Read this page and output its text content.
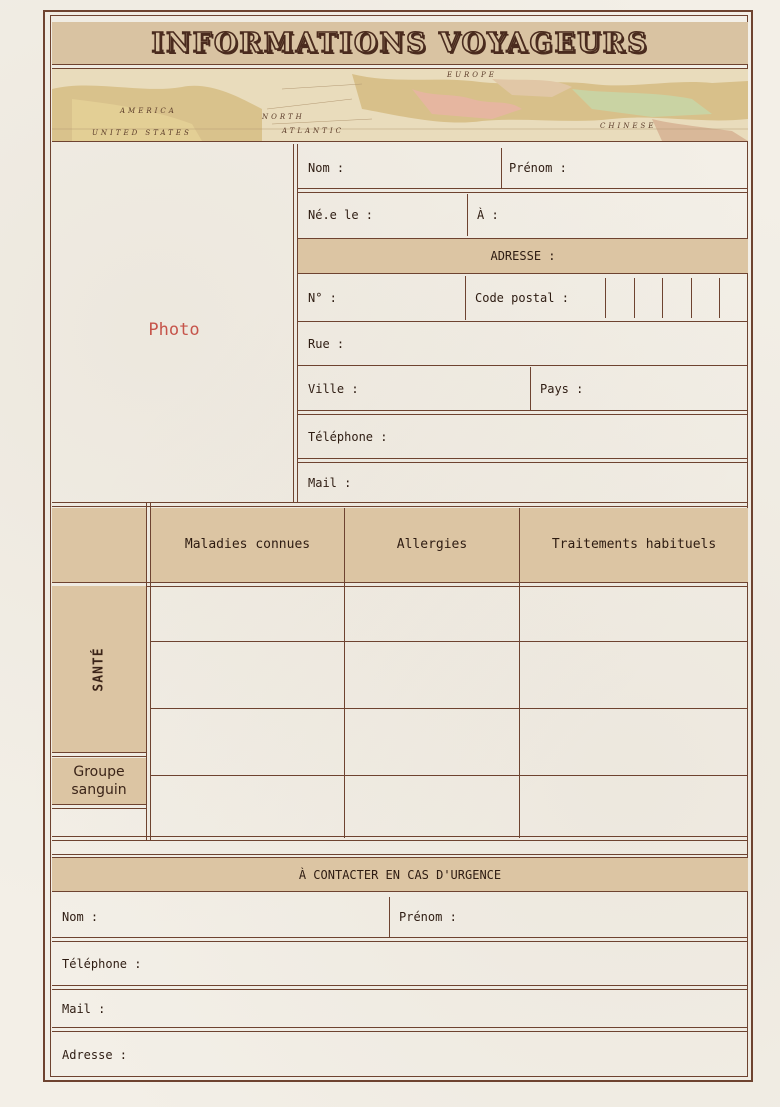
INFORMATIONS VOYAGEURS
EUROPE
AMERICA
NORTH
UNITED STATES	ATLANTIC
CHINESE
Photo
Nom :	Prénom :
Né.e le :	À :
ADRESSE :
N° :	Code postal :
Rue :
Ville :	Pays :
Téléphone :
Mail :
Maladies connues	Allergies	Traitements habituels
SANTÉ
Groupe sanguin
À CONTACTER EN CAS D'URGENCE
Nom :	Prénom :
Téléphone :
Mail :
Adresse :
